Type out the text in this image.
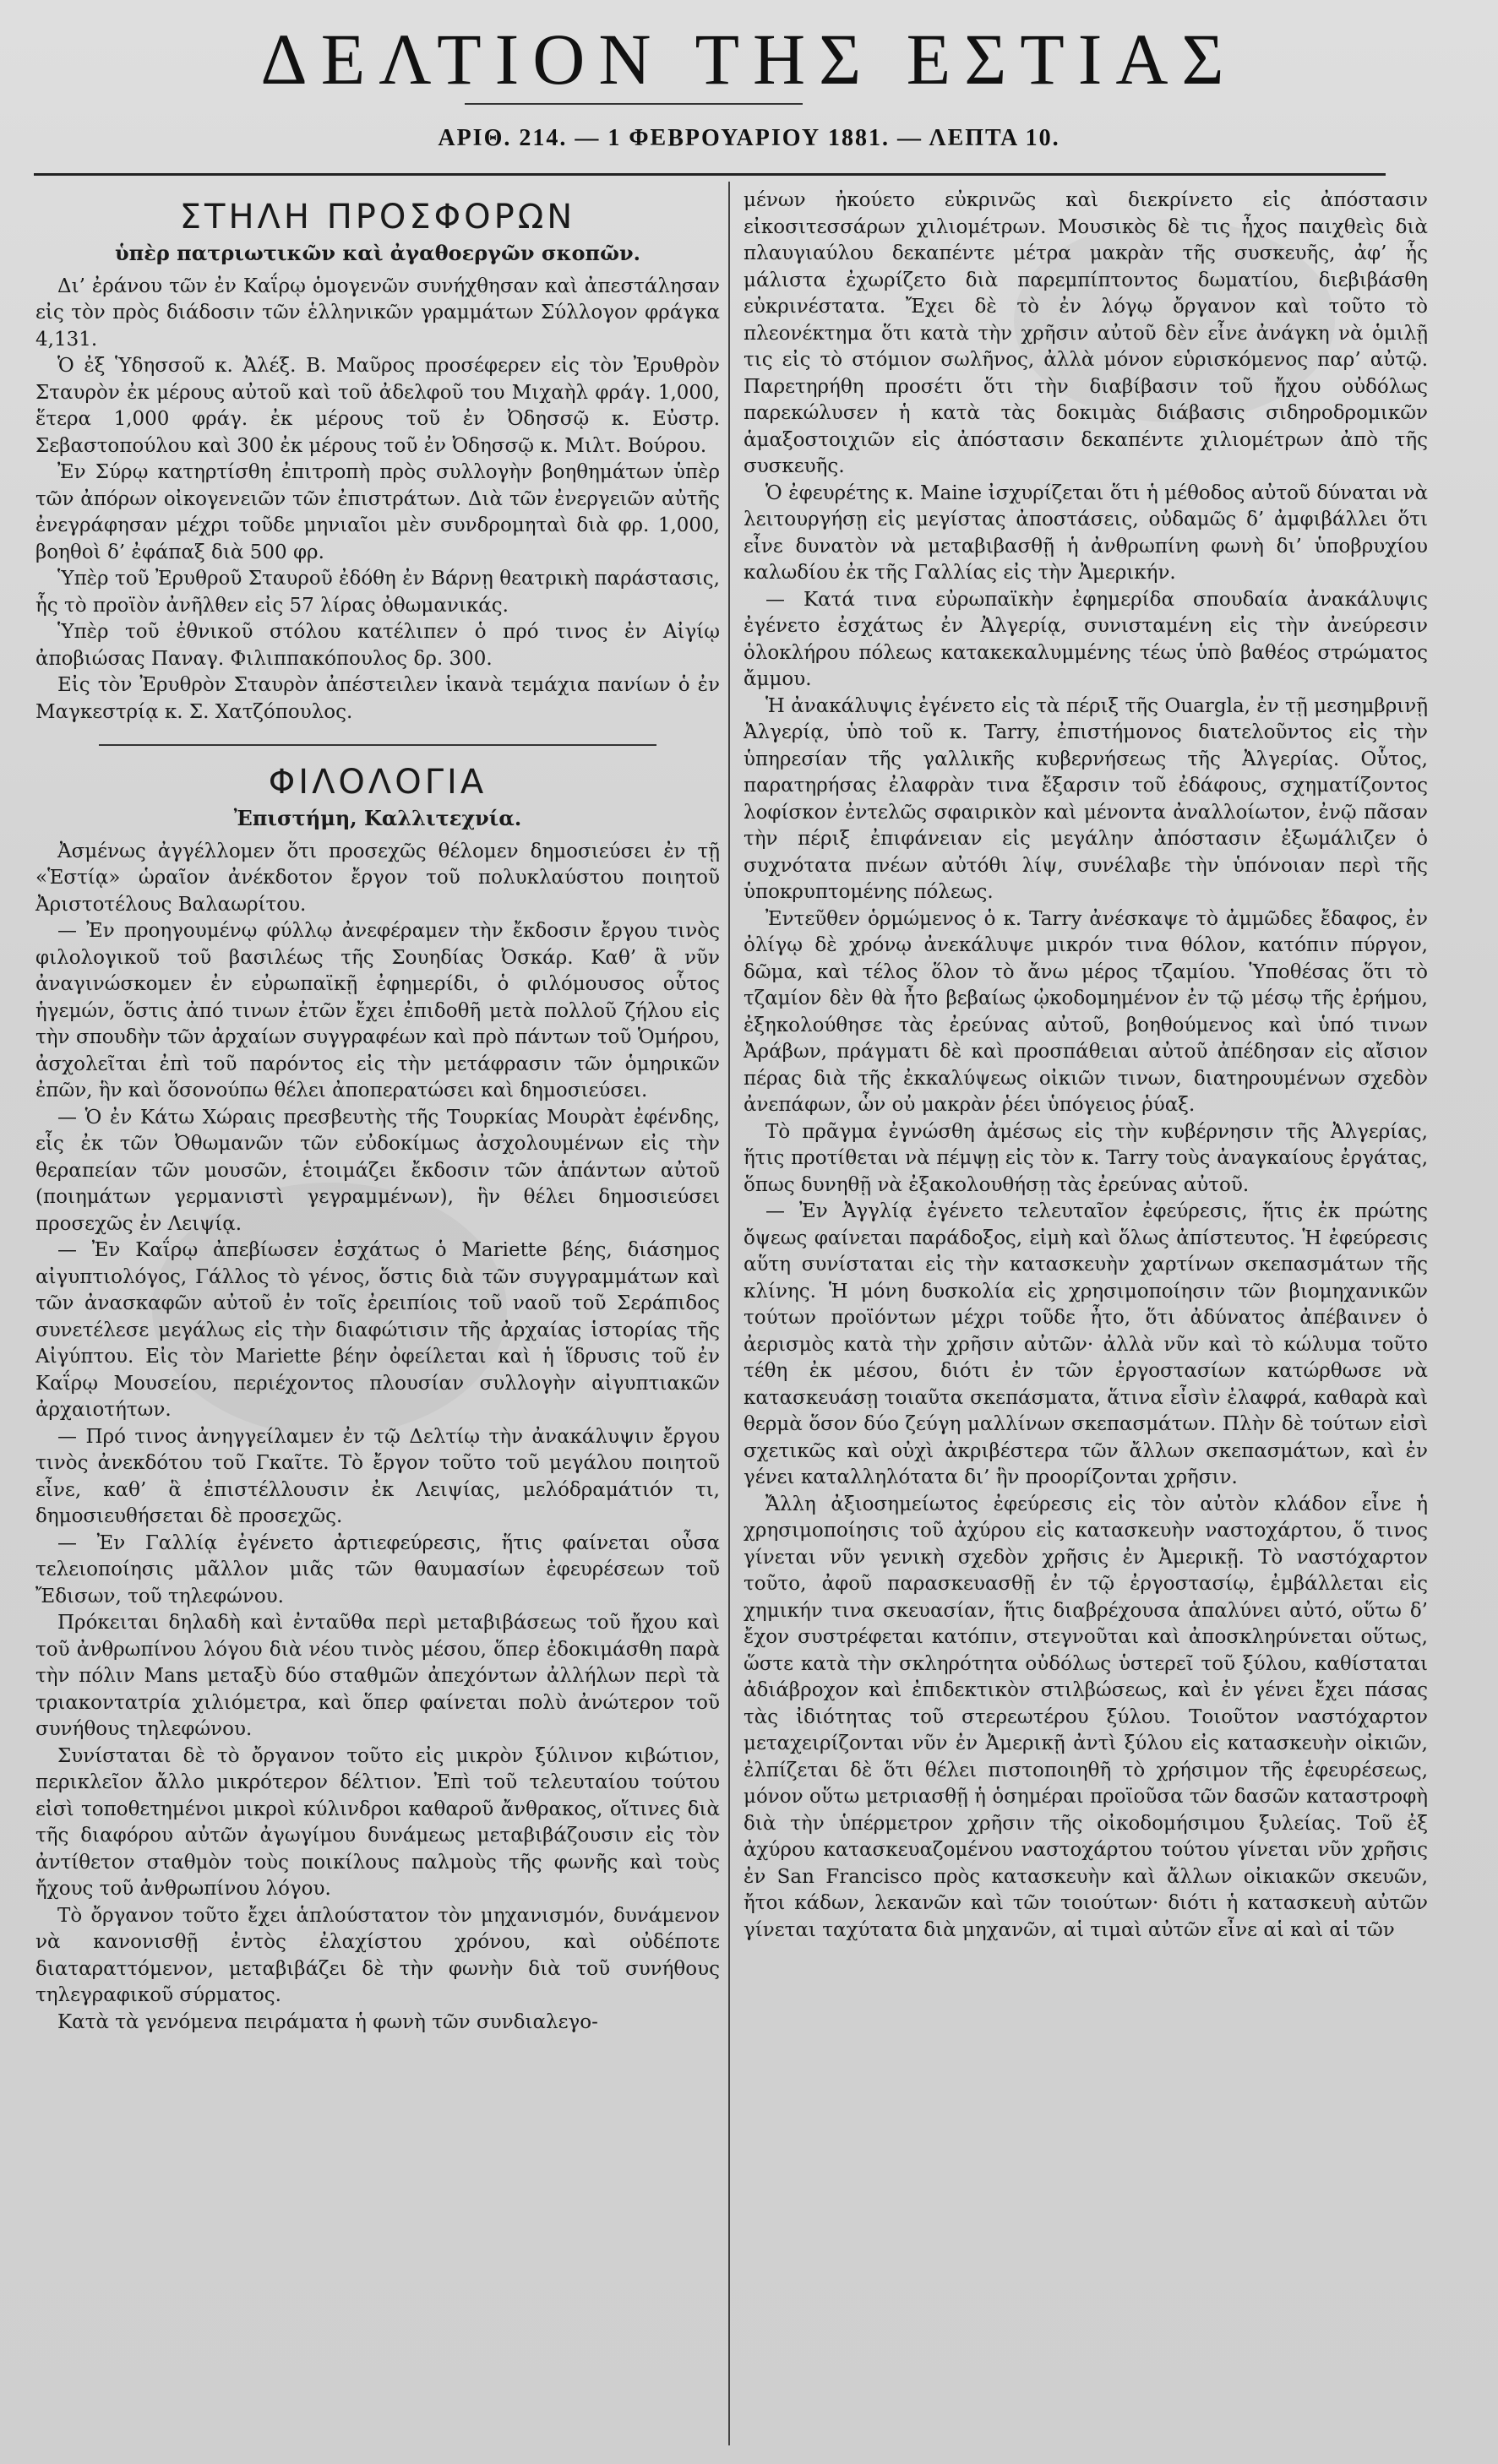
ΔΕΛΤΙΟΝ ΤΗΣ ΕΣΤΙΑΣ
ΑΡΙΘ. 214. — 1 ΦΕΒΡΟΥΑΡΙΟΥ 1881. — ΛΕΠΤΑ 10.
ΣΤΗΛΗ ΠΡΟΣΦΟΡΩΝ
ὑπὲρ πατριωτικῶν καὶ ἀγαθοεργῶν σκοπῶν.

Δι’ ἐράνου τῶν ἐν Καΐρῳ ὁμογενῶν συνήχθησαν καὶ ἀπεστάλησαν εἰς τὸν πρὸς διάδοσιν τῶν ἑλληνικῶν γραμμάτων Σύλλογον φράγκα 4,131.

Ὁ ἐξ Ὑδησσοῦ κ. Ἀλέξ. Β. Μαῦρος προσέφερεν εἰς τὸν Ἐρυθρὸν Σταυρὸν ἐκ μέρους αὐτοῦ καὶ τοῦ ἀδελφοῦ του Μιχαὴλ φράγ. 1,000, ἕτερα 1,000 φράγ. ἐκ μέρους τοῦ ἐν Ὀδησσῷ κ. Εὐστρ. Σεβαστοπούλου καὶ 300 ἐκ μέρους τοῦ ἐν Ὀδησσῷ κ. Μιλτ. Βούρου.

Ἐν Σύρῳ κατηρτίσθη ἐπιτροπὴ πρὸς συλλογὴν βοηθημάτων ὑπὲρ τῶν ἀπόρων οἰκογενειῶν τῶν ἐπιστράτων. Διὰ τῶν ἐνεργειῶν αὐτῆς ἐνεγράφησαν μέχρι τοῦδε μηνιαῖοι μὲν συνδρομηταὶ διὰ φρ. 1,000, βοηθοὶ δ’ ἐφάπαξ διὰ 500 φρ.

Ὑπὲρ τοῦ Ἐρυθροῦ Σταυροῦ ἐδόθη ἐν Βάρνῃ θεατρικὴ παράστασις, ἧς τὸ προϊὸν ἀνῆλθεν εἰς 57 λίρας ὀθωμανικάς.

Ὑπὲρ τοῦ ἐθνικοῦ στόλου κατέλιπεν ὁ πρό τινος ἐν Αἰγίῳ ἀποβιώσας Παναγ. Φιλιππακόπουλος δρ. 300.

Εἰς τὸν Ἐρυθρὸν Σταυρὸν ἀπέστειλεν ἱκανὰ τεμάχια πανίων ὁ ἐν Μαγκεστρίᾳ κ. Σ. Χατζόπουλος.

ΦΙΛΟΛΟΓΙΑ
Ἐπιστήμη, Καλλιτεχνία.

Ἀσμένως ἀγγέλλομεν ὅτι προσεχῶς θέλομεν δημοσιεύσει ἐν τῇ «Ἑστίᾳ» ὡραῖον ἀνέκδοτον ἔργον τοῦ πολυκλαύστου ποιητοῦ Ἀριστοτέλους Βαλαωρίτου.

— Ἐν προηγουμένῳ φύλλῳ ἀνεφέραμεν τὴν ἔκδοσιν ἔργου τινὸς φιλολογικοῦ τοῦ βασιλέως τῆς Σουηδίας Ὀσκάρ. Καθ’ ἃ νῦν ἀναγινώσκομεν ἐν εὐρωπαϊκῇ ἐφημερίδι, ὁ φιλόμουσος οὗτος ἡγεμών, ὅστις ἀπό τινων ἐτῶν ἔχει ἐπιδοθῆ μετὰ πολλοῦ ζήλου εἰς τὴν σπουδὴν τῶν ἀρχαίων συγγραφέων καὶ πρὸ πάντων τοῦ Ὁμήρου, ἀσχολεῖται ἐπὶ τοῦ παρόντος εἰς τὴν μετάφρασιν τῶν ὁμηρικῶν ἐπῶν, ἣν καὶ ὅσονούπω θέλει ἀποπερατώσει καὶ δημοσιεύσει.

— Ὁ ἐν Κάτω Χώραις πρεσβευτὴς τῆς Τουρκίας Μουρὰτ ἐφένδης, εἷς ἐκ τῶν Ὀθωμανῶν τῶν εὐδοκίμως ἀσχολουμένων εἰς τὴν θεραπείαν τῶν μουσῶν, ἑτοιμάζει ἔκδοσιν τῶν ἁπάντων αὐτοῦ (ποιημάτων γερμανιστὶ γεγραμμένων), ἣν θέλει δημοσιεύσει προσεχῶς ἐν Λειψίᾳ.

— Ἐν Καΐρῳ ἀπεβίωσεν ἐσχάτως ὁ Mariette βέης, διάσημος αἰγυπτιολόγος, Γάλλος τὸ γένος, ὅστις διὰ τῶν συγγραμμάτων καὶ τῶν ἀνασκαφῶν αὐτοῦ ἐν τοῖς ἐρειπίοις τοῦ ναοῦ τοῦ Σεράπιδος συνετέλεσε μεγάλως εἰς τὴν διαφώτισιν τῆς ἀρχαίας ἱστορίας τῆς Αἰγύπτου. Εἰς τὸν Mariette βέην ὀφείλεται καὶ ἡ ἵδρυσις τοῦ ἐν Καΐρῳ Μουσείου, περιέχοντος πλουσίαν συλλογὴν αἰγυπτιακῶν ἀρχαιοτήτων.

— Πρό τινος ἀνηγγείλαμεν ἐν τῷ Δελτίῳ τὴν ἀνακάλυψιν ἔργου τινὸς ἀνεκδότου τοῦ Γκαῖτε. Τὸ ἔργον τοῦτο τοῦ μεγάλου ποιητοῦ εἶνε, καθ’ ἃ ἐπιστέλλουσιν ἐκ Λειψίας, μελόδραμάτιόν τι, δημοσιευθήσεται δὲ προσεχῶς.

— Ἐν Γαλλίᾳ ἐγένετο ἀρτιεφεύρεσις, ἥτις φαίνεται οὖσα τελειοποίησις μᾶλλον μιᾶς τῶν θαυμασίων ἐφευρέσεων τοῦ Ἔδισων, τοῦ τηλεφώνου.

Πρόκειται δηλαδὴ καὶ ἐνταῦθα περὶ μεταβιβάσεως τοῦ ἤχου καὶ τοῦ ἀνθρωπίνου λόγου διὰ νέου τινὸς μέσου, ὅπερ ἐδοκιμάσθη παρὰ τὴν πόλιν Mans μεταξὺ δύο σταθμῶν ἀπεχόντων ἀλλήλων περὶ τὰ τριακοντατρία χιλιόμετρα, καὶ ὅπερ φαίνεται πολὺ ἀνώτερον τοῦ συνήθους τηλεφώνου.

Συνίσταται δὲ τὸ ὄργανον τοῦτο εἰς μικρὸν ξύλινον κιβώτιον, περικλεῖον ἄλλο μικρότερον δέλτιον. Ἐπὶ τοῦ τελευταίου τούτου εἰσὶ τοποθετημένοι μικροὶ κύλινδροι καθαροῦ ἄνθρακος, οἵτινες διὰ τῆς διαφόρου αὐτῶν ἀγωγίμου δυνάμεως μεταβιβάζουσιν εἰς τὸν ἀντίθετον σταθμὸν τοὺς ποικίλους παλμοὺς τῆς φωνῆς καὶ τοὺς ἤχους τοῦ ἀνθρωπίνου λόγου.

Τὸ ὄργανον τοῦτο ἔχει ἁπλούστατον τὸν μηχανισμόν, δυνάμενον νὰ κανονισθῇ ἐντὸς ἐλαχίστου χρόνου, καὶ οὐδέποτε διαταραττόμενον, μεταβιβάζει δὲ τὴν φωνὴν διὰ τοῦ συνήθους τηλεγραφικοῦ σύρματος.

Κατὰ τὰ γενόμενα πειράματα ἡ φωνὴ τῶν συνδιαλεγο-

μένων ἠκούετο εὐκρινῶς καὶ διεκρίνετο εἰς ἀπόστασιν εἰκοσιτεσσάρων χιλιομέτρων. Μουσικὸς δὲ τις ἦχος παιχθεὶς διὰ πλαυγιαύλου δεκαπέντε μέτρα μακρὰν τῆς συσκευῆς, ἀφ’ ἧς μάλιστα ἐχωρίζετο διὰ παρεμπίπτοντος δωματίου, διεβιβάσθη εὐκρινέστατα. Ἔχει δὲ τὸ ἐν λόγῳ ὄργανον καὶ τοῦτο τὸ πλεονέκτημα ὅτι κατὰ τὴν χρῆσιν αὐτοῦ δὲν εἶνε ἀνάγκη νὰ ὁμιλῇ τις εἰς τὸ στόμιον σωλῆνος, ἀλλὰ μόνον εὑρισκόμενος παρ’ αὐτῷ. Παρετηρήθη προσέτι ὅτι τὴν διαβίβασιν τοῦ ἤχου οὐδόλως παρεκώλυσεν ἡ κατὰ τὰς δοκιμὰς διάβασις σιδηροδρομικῶν ἁμαξοστοιχιῶν εἰς ἀπόστασιν δεκαπέντε χιλιομέτρων ἀπὸ τῆς συσκευῆς.

Ὁ ἐφευρέτης κ. Maine ἰσχυρίζεται ὅτι ἡ μέθοδος αὐτοῦ δύναται νὰ λειτουργήσῃ εἰς μεγίστας ἀποστάσεις, οὐδαμῶς δ’ ἀμφιβάλλει ὅτι εἶνε δυνατὸν νὰ μεταβιβασθῇ ἡ ἀνθρωπίνη φωνὴ δι’ ὑποβρυχίου καλωδίου ἐκ τῆς Γαλλίας εἰς τὴν Ἀμερικήν.

— Κατά τινα εὐρωπαϊκὴν ἐφημερίδα σπουδαία ἀνακάλυψις ἐγένετο ἐσχάτως ἐν Ἀλγερίᾳ, συνισταμένη εἰς τὴν ἀνεύρεσιν ὁλοκλήρου πόλεως κατακεκαλυμμένης τέως ὑπὸ βαθέος στρώματος ἄμμου.

Ἡ ἀνακάλυψις ἐγένετο εἰς τὰ πέριξ τῆς Ouargla, ἐν τῇ μεσημβρινῇ Ἀλγερίᾳ, ὑπὸ τοῦ κ. Tarry, ἐπιστήμονος διατελοῦντος εἰς τὴν ὑπηρεσίαν τῆς γαλλικῆς κυβερνήσεως τῆς Ἀλγερίας. Οὗτος, παρατηρήσας ἐλαφρὰν τινα ἔξαρσιν τοῦ ἐδάφους, σχηματίζοντος λοφίσκον ἐντελῶς σφαιρικὸν καὶ μένοντα ἀναλλοίωτον, ἐνῷ πᾶσαν τὴν πέριξ ἐπιφάνειαν εἰς μεγάλην ἀπόστασιν ἐξωμάλιζεν ὁ συχνότατα πνέων αὐτόθι λίψ, συνέλαβε τὴν ὑπόνοιαν περὶ τῆς ὑποκρυπτομένης πόλεως.

Ἐντεῦθεν ὁρμώμενος ὁ κ. Tarry ἀνέσκαψε τὸ ἀμμῶδες ἔδαφος, ἐν ὀλίγῳ δὲ χρόνῳ ἀνεκάλυψε μικρόν τινα θόλον, κατόπιν πύργον, δῶμα, καὶ τέλος ὅλον τὸ ἄνω μέρος τζαμίου. Ὑποθέσας ὅτι τὸ τζαμίον δὲν θὰ ἦτο βεβαίως ᾠκοδομημένον ἐν τῷ μέσῳ τῆς ἐρήμου, ἐξηκολούθησε τὰς ἐρεύνας αὐτοῦ, βοηθούμενος καὶ ὑπό τινων Ἀράβων, πράγματι δὲ καὶ προσπάθειαι αὐτοῦ ἀπέδησαν εἰς αἴσιον πέρας διὰ τῆς ἐκκαλύψεως οἰκιῶν τινων, διατηρουμένων σχεδὸν ἀνεπάφων, ὧν οὐ μακρὰν ῥέει ὑπόγειος ῥύαξ.

Τὸ πρᾶγμα ἐγνώσθη ἀμέσως εἰς τὴν κυβέρνησιν τῆς Ἀλγερίας, ἥτις προτίθεται νὰ πέμψῃ εἰς τὸν κ. Tarry τοὺς ἀναγκαίους ἐργάτας, ὅπως δυνηθῇ νὰ ἐξακολουθήσῃ τὰς ἐρεύνας αὐτοῦ.

— Ἐν Ἀγγλίᾳ ἐγένετο τελευταῖον ἐφεύρεσις, ἥτις ἐκ πρώτης ὄψεως φαίνεται παράδοξος, εἰμὴ καὶ ὅλως ἀπίστευτος. Ἡ ἐφεύρεσις αὕτη συνίσταται εἰς τὴν κατασκευὴν χαρτίνων σκεπασμάτων τῆς κλίνης. Ἡ μόνη δυσκολία εἰς χρησιμοποίησιν τῶν βιομηχανικῶν τούτων προϊόντων μέχρι τοῦδε ἦτο, ὅτι ἀδύνατος ἀπέβαινεν ὁ ἀερισμὸς κατὰ τὴν χρῆσιν αὐτῶν· ἀλλὰ νῦν καὶ τὸ κώλυμα τοῦτο τέθη ἐκ μέσου, διότι ἐν τῶν ἐργοστασίων κατώρθωσε νὰ κατασκευάσῃ τοιαῦτα σκεπάσματα, ἅτινα εἶσὶν ἐλαφρά, καθαρὰ καὶ θερμὰ ὅσον δύο ζεύγη μαλλίνων σκεπασμάτων. Πλὴν δὲ τούτων εἰσὶ σχετικῶς καὶ οὐχὶ ἀκριβέστερα τῶν ἄλλων σκεπασμάτων, καὶ ἐν γένει καταλληλότατα δι’ ἣν προορίζονται χρῆσιν.

Ἄλλη ἀξιοσημείωτος ἐφεύρεσις εἰς τὸν αὐτὸν κλάδον εἶνε ἡ χρησιμοποίησις τοῦ ἀχύρου εἰς κατασκευὴν ναστοχάρτου, ὅ τινος γίνεται νῦν γενικὴ σχεδὸν χρῆσις ἐν Ἀμερικῇ. Τὸ ναστόχαρτον τοῦτο, ἀφοῦ παρασκευασθῇ ἐν τῷ ἐργοστασίῳ, ἐμβάλλεται εἰς χημικήν τινα σκευασίαν, ἥτις διαβρέχουσα ἁπαλύνει αὐτό, οὕτω δ’ ἔχον συστρέφεται κατόπιν, στεγνοῦται καὶ ἀποσκληρύνεται οὕτως, ὥστε κατὰ τὴν σκληρότητα οὐδόλως ὑστερεῖ τοῦ ξύλου, καθίσταται ἀδιάβροχον καὶ ἐπιδεκτικὸν στιλβώσεως, καὶ ἐν γένει ἔχει πάσας τὰς ἰδιότητας τοῦ στερεωτέρου ξύλου. Τοιοῦτον ναστόχαρτον μεταχειρίζονται νῦν ἐν Ἀμερικῇ ἀντὶ ξύλου εἰς κατασκευὴν οἰκιῶν, ἐλπίζεται δὲ ὅτι θέλει πιστοποιηθῆ τὸ χρήσιμον τῆς ἐφευρέσεως, μόνον οὕτω μετριασθῇ ἡ ὁσημέραι προϊοῦσα τῶν δασῶν καταστροφὴ διὰ τὴν ὑπέρμετρον χρῆσιν τῆς οἰκοδομήσιμου ξυλείας. Τοῦ ἐξ ἀχύρου κατασκευαζομένου ναστοχάρτου τούτου γίνεται νῦν χρῆσις ἐν San Francisco πρὸς κατασκευὴν καὶ ἄλλων οἰκιακῶν σκευῶν, ἤτοι κάδων, λεκανῶν καὶ τῶν τοιούτων· διότι ἡ κατασκευὴ αὐτῶν γίνεται ταχύτατα διὰ μηχανῶν, αἱ τιμαὶ αὐτῶν εἶνε αἱ καὶ αἱ τῶν
